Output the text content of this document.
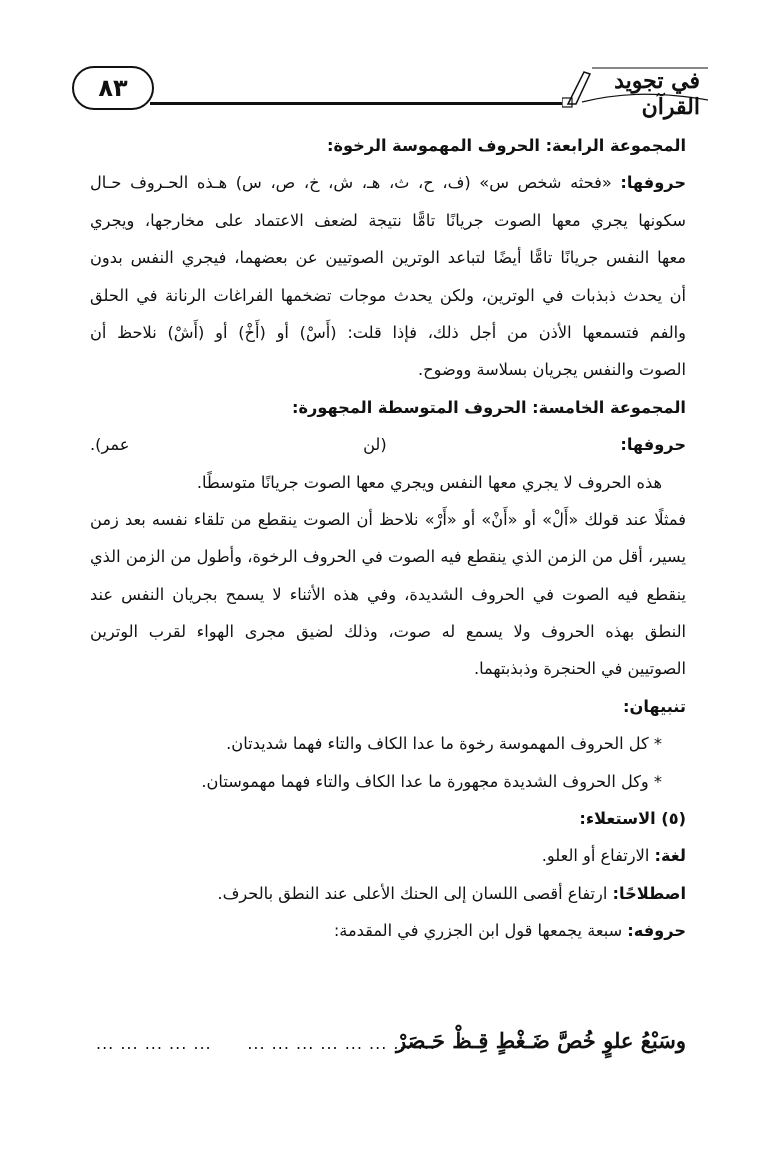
٨٣	في تجويد القرآن
المجموعة الرابعة: الحروف المهموسة الرخوة:
حروفها: «فحثه شخص س» (ف، ح، ث، هـ، ش، خ، ص، س) هـذه الحـروف حـال
سكونها يجري معها الصوت جريانًا تامًّا نتيجة لضعف الاعتماد على مخارجها، ويجري
معها النفس جريانًا تامًّا أيضًا لتباعد الوترين الصوتيين عن بعضهما، فيجري النفس بدون
أن يحدث ذبذبات في الوترين، ولكن يحدث موجات تضخمها الفراغات الرنانة في الحلق
والفم فتسمعها الأذن من أجل ذلك، فإذا قلت: (أَسْ) أو (أَخْ) أو (أَشْ) نلاحظ أن
الصوت والنفس يجريان بسلاسة ووضوح.
المجموعة الخامسة: الحروف المتوسطة المجهورة:
حروفها: (لن عمر).
هذه الحروف لا يجري معها النفس ويجري معها الصوت جريانًا متوسطًا.
فمثلًا عند قولك «أَلْ» أو «أَنْ» أو «أَرْ» نلاحظ أن الصوت ينقطع من تلقاء نفسه بعد زمن
يسير، أقل من الزمن الذي ينقطع فيه الصوت في الحروف الرخوة، وأطول من الزمن الذي
ينقطع فيه الصوت في الحروف الشديدة، وفي هذه الأثناء لا يسمح بجريان النفس عند
النطق بهذه الحروف ولا يسمع له صوت، وذلك لضيق مجرى الهواء لقرب الوترين
الصوتيين في الحنجرة وذبذبتهما.
تنبيهان:
* كل الحروف المهموسة رخوة ما عدا الكاف والتاء فهما شديدتان.
* وكل الحروف الشديدة مجهورة ما عدا الكاف والتاء فهما مهموستان.
(٥) الاستعلاء:
لغة: الارتفاع أو العلو.
اصطلاحًا: ارتفاع أقصى اللسان إلى الحنك الأعلى عند النطق بالحرف.
حروفه: سبعة يجمعها قول ابن الجزري في المقدمة:
وسَبْعُ علوٍ خُصَّ ضَـغْطٍ قِـظْ حَـصَرْ
... ... ... ... ... ... ... ...
... ... ... ... ...
